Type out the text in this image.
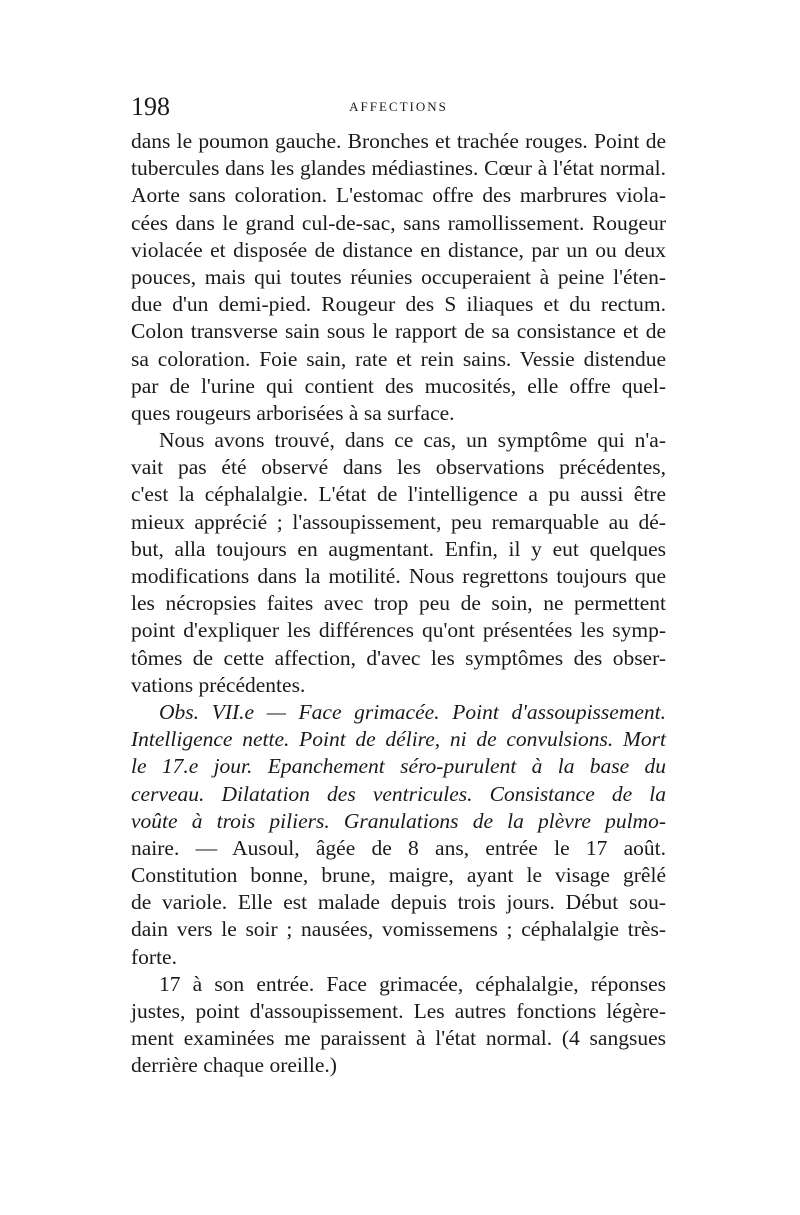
198	AFFECTIONS
dans le poumon gauche. Bronches et trachée rouges. Point de
tubercules dans les glandes médiastines. Cœur à l'état normal.
Aorte sans coloration. L'estomac offre des marbrures viola-
cées dans le grand cul-de-sac, sans ramollissement. Rougeur
violacée et disposée de distance en distance, par un ou deux
pouces, mais qui toutes réunies occuperaient à peine l'éten-
due d'un demi-pied. Rougeur des S iliaques et du rectum.
Colon transverse sain sous le rapport de sa consistance et de
sa coloration. Foie sain, rate et rein sains. Vessie distendue
par de l'urine qui contient des mucosités, elle offre quel-
ques rougeurs arborisées à sa surface.
Nous avons trouvé, dans ce cas, un symptôme qui n'a-
vait pas été observé dans les observations précédentes,
c'est la céphalalgie. L'état de l'intelligence a pu aussi être
mieux apprécié ; l'assoupissement, peu remarquable au dé-
but, alla toujours en augmentant. Enfin, il y eut quelques
modifications dans la motilité. Nous regrettons toujours que
les nécropsies faites avec trop peu de soin, ne permettent
point d'expliquer les différences qu'ont présentées les symp-
tômes de cette affection, d'avec les symptômes des obser-
vations précédentes.
Obs. VII.e — Face grimacée. Point d'assoupissement.
Intelligence nette. Point de délire, ni de convulsions. Mort
le 17.e jour. Epanchement séro-purulent à la base du
cerveau. Dilatation des ventricules. Consistance de la
voûte à trois piliers. Granulations de la plèvre pulmo-
naire. — Ausoul, âgée de 8 ans, entrée le 17 août.
Constitution bonne, brune, maigre, ayant le visage grêlé
de variole. Elle est malade depuis trois jours. Début sou-
dain vers le soir ; nausées, vomissemens ; céphalalgie très-
forte.
17 à son entrée. Face grimacée, céphalalgie, réponses
justes, point d'assoupissement. Les autres fonctions légère-
ment examinées me paraissent à l'état normal. (4 sangsues
derrière chaque oreille.)
